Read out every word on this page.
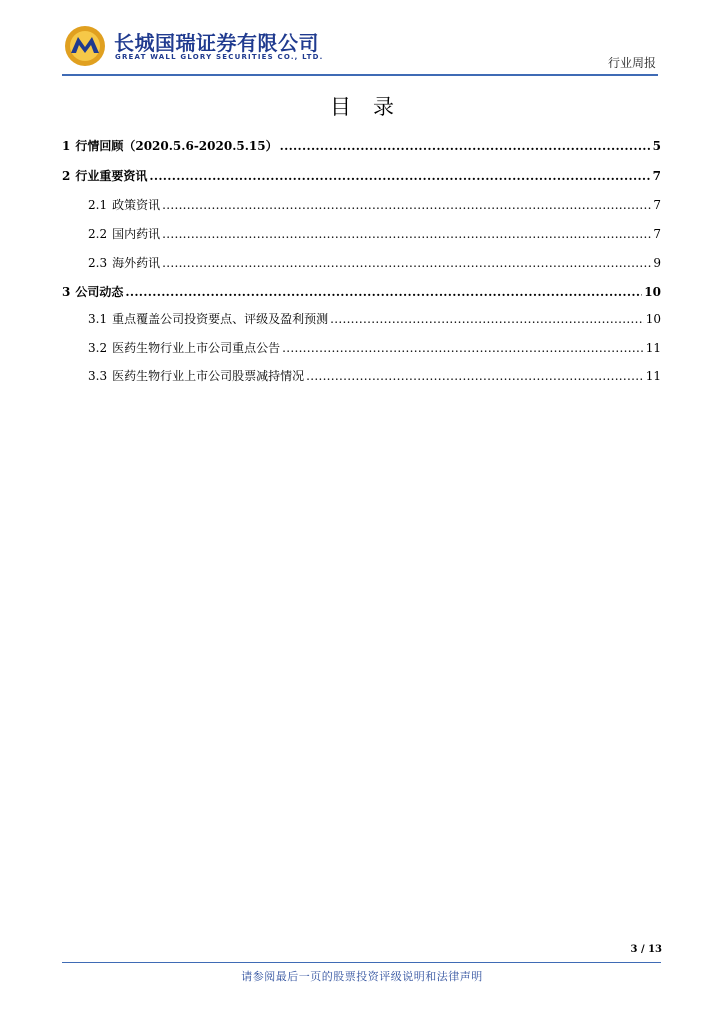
长城国瑞证券有限公司
GREAT WALL GLORY SECURITIES CO., LTD.	行业周报
目录
1 行情回顾（2020.5.6-2020.5.15） .....	5
2 行业重要资讯 .....	7
2.1 政策资讯 .....	7
2.2 国内药讯 .....	7
2.3 海外药讯 .....	9
3 公司动态 .....	10
3.1 重点覆盖公司投资要点、评级及盈利预测 .....	10
3.2 医药生物行业上市公司重点公告 .....	11
3.3 医药生物行业上市公司股票减持情况 .....	11
3 / 13
请参阅最后一页的股票投资评级说明和法律声明
